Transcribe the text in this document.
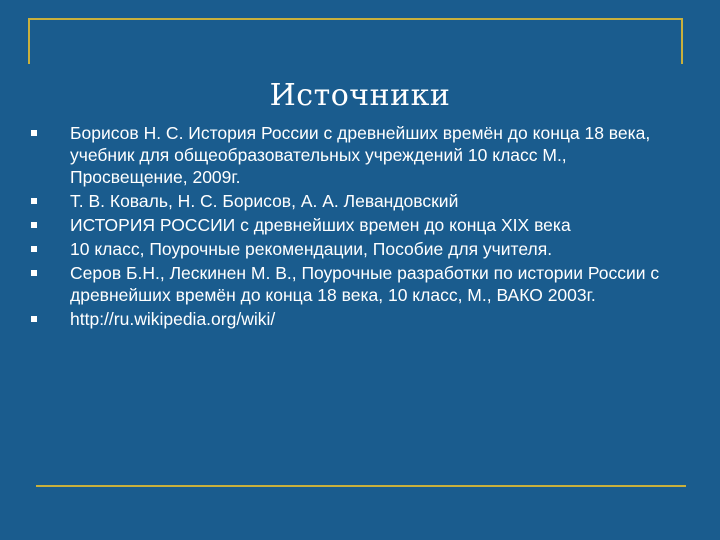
Источники
Борисов Н. С. История России с древнейших времён до конца 18 века, учебник для общеобразовательных учреждений 10 класс М., Просвещение, 2009г.
Т. В. Коваль, Н. С. Борисов, А. А. Левандовский
ИСТОРИЯ РОССИИ с древнейших времен до конца XIX века
10 класс, Поурочные рекомендации, Пособие для учителя.
Серов Б.Н., Лескинен М. В., Поурочные разработки по истории России с древнейших времён до конца 18 века, 10 класс, М., ВАКО 2003г.
http://ru.wikipedia.org/wiki/
